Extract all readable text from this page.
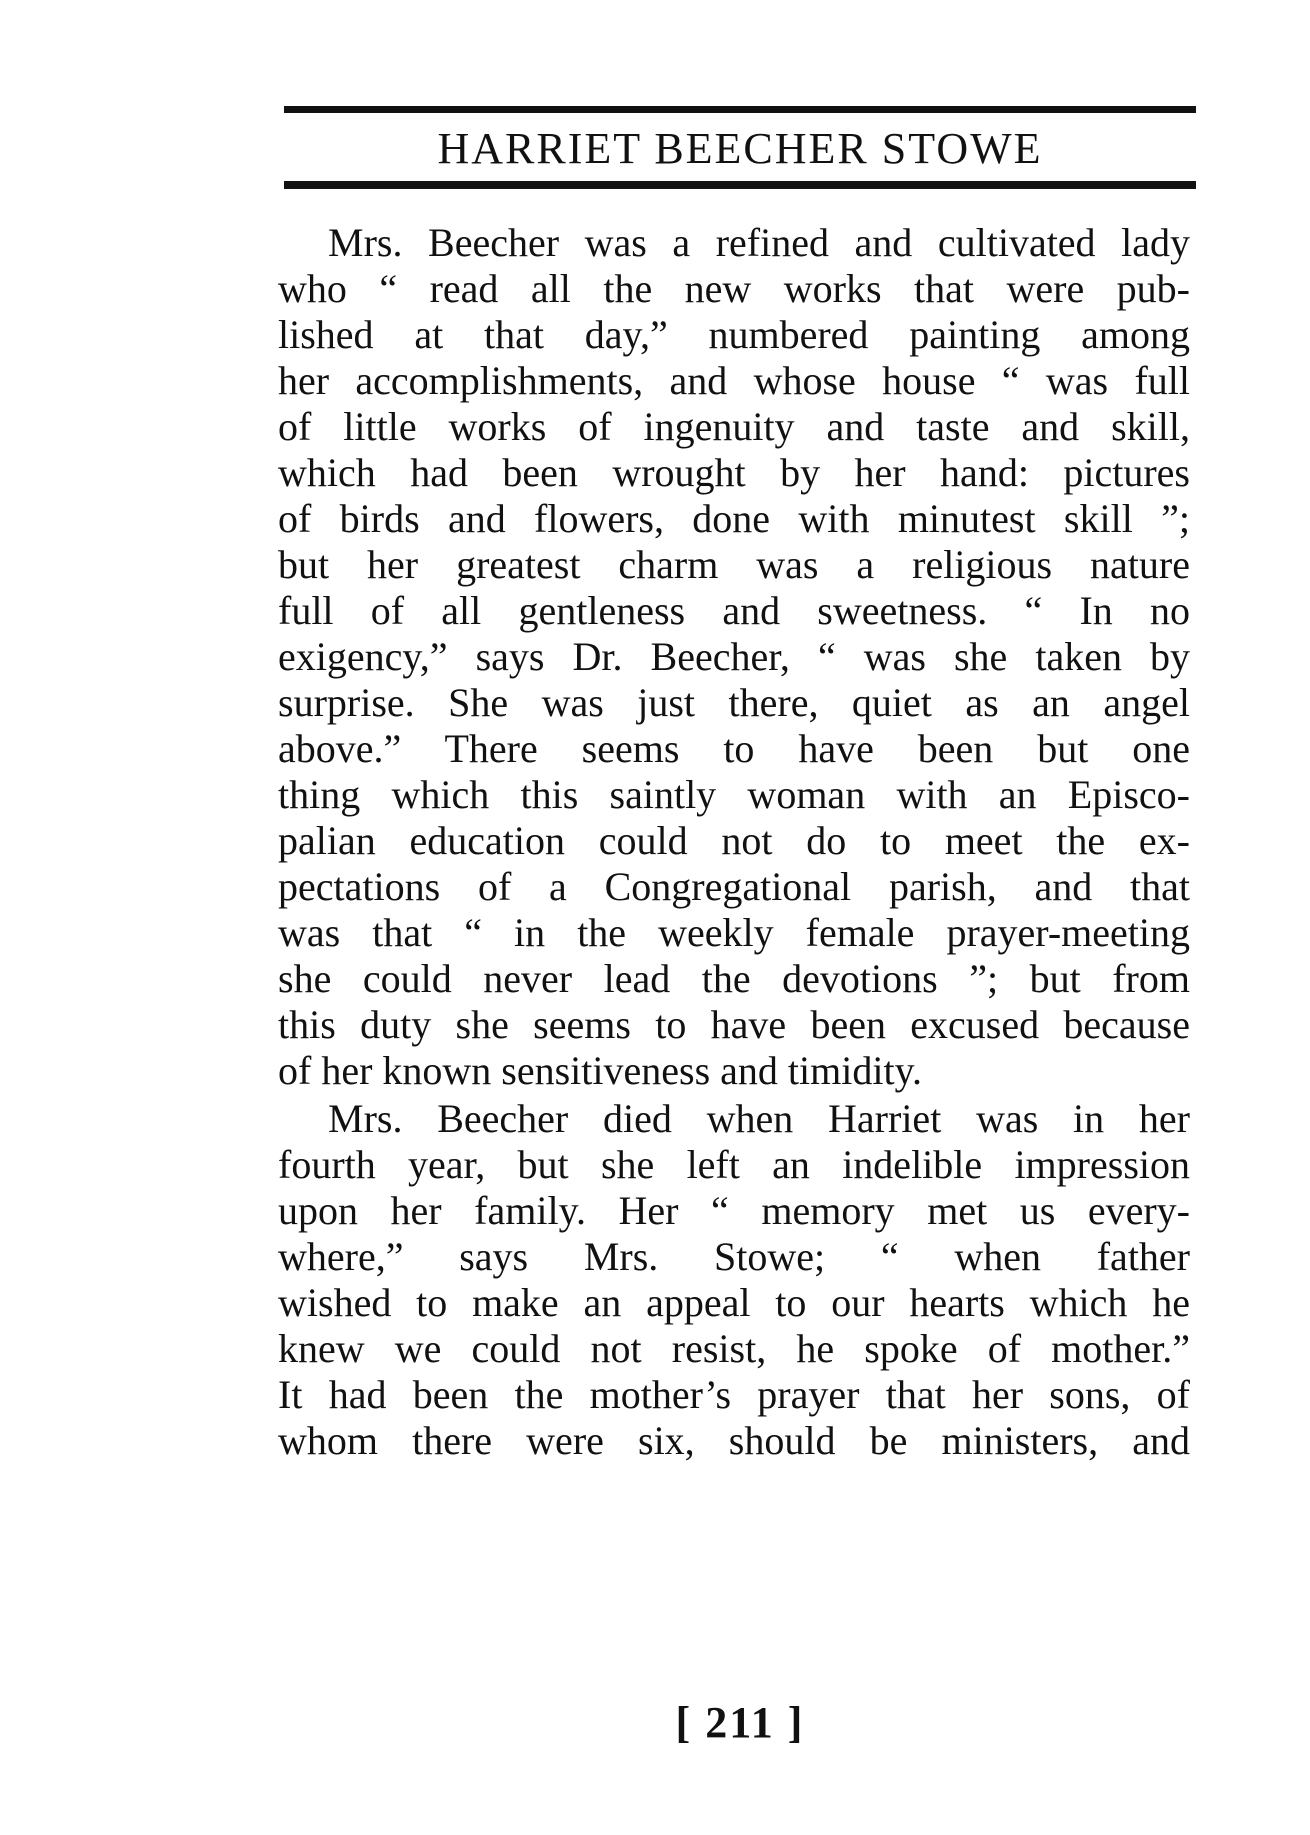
HARRIET BEECHER STOWE
Mrs. Beecher was a refined and cultivated lady
who “ read all the new works that were pub-
lished at that day,” numbered painting among
her accomplishments, and whose house “ was full
of little works of ingenuity and taste and skill,
which had been wrought by her hand: pictures
of birds and flowers, done with minutest skill ”;
but her greatest charm was a religious nature
full of all gentleness and sweetness. “ In no
exigency,” says Dr. Beecher, “ was she taken by
surprise. She was just there, quiet as an angel
above.” There seems to have been but one
thing which this saintly woman with an Episco-
palian education could not do to meet the ex-
pectations of a Congregational parish, and that
was that “ in the weekly female prayer-meeting
she could never lead the devotions ”; but from
this duty she seems to have been excused because
of her known sensitiveness and timidity.
Mrs. Beecher died when Harriet was in her
fourth year, but she left an indelible impression
upon her family. Her “ memory met us every-
where,” says Mrs. Stowe; “ when father
wished to make an appeal to our hearts which he
knew we could not resist, he spoke of mother.”
It had been the mother’s prayer that her sons, of
whom there were six, should be ministers, and
[ 211 ]
